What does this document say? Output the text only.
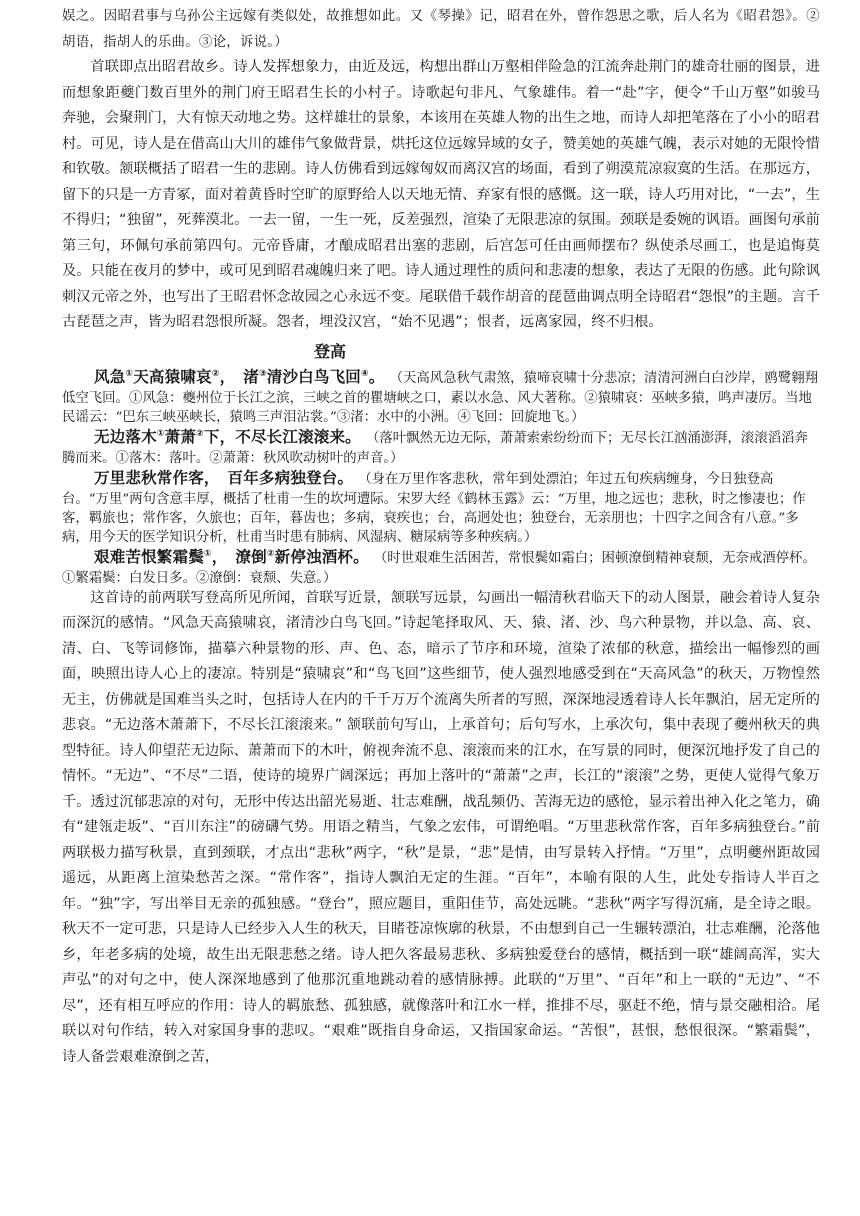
娱之。因昭君事与乌孙公主远嫁有类似处，故推想如此。又《琴操》记，昭君在外，曾作怨思之歌，后人名为《昭君怨》。②胡语，指胡人的乐曲。③论，诉说。）

首联即点出昭君故乡。诗人发挥想象力，由近及远，构想出群山万壑相伴险急的江流奔赴荆门的雄奇壮丽的图景，进而想象距夔门数百里外的荆门府王昭君生长的小村子。诗歌起句非凡、气象雄伟。着一“赴”字，便令“千山万壑”如骏马奔驰，会聚荆门，大有惊天动地之势。这样雄壮的景象，本该用在英雄人物的出生之地，而诗人却把笔落在了小小的昭君村。可见，诗人是在借高山大川的雄伟气象做背景，烘托这位远嫁异域的女子，赞美她的英雄气魄，表示对她的无限怜惜和钦敬。颔联概括了昭君一生的悲剧。诗人仿佛看到远嫁匈奴而离汉宫的场面，看到了朔漠荒凉寂寞的生活。在那远方，留下的只是一方青冢，面对着黄昏时空旷的原野给人以天地无情、弃家有恨的感慨。这一联，诗人巧用对比，“一去”，生不得归；“独留”，死葬漠北。一去一留，一生一死，反差强烈，渲染了无限悲凉的氛围。颈联是委婉的讽语。画图句承前第三句，环佩句承前第四句。元帝昏庸，才酿成昭君出塞的悲剧，后宫怎可任由画师摆布？纵使杀尽画工，也是追悔莫及。只能在夜月的梦中，或可见到昭君魂魄归来了吧。诗人通过理性的质问和悲凄的想象，表达了无限的伤感。此句除讽刺汉元帝之外，也写出了王昭君怀念故园之心永远不变。尾联借千载作胡音的琵琶曲调点明全诗昭君“怨恨”的主题。言千古琵琶之声，皆为昭君怨恨所凝。怨者，埋没汉宫，“始不见遇”；恨者，远离家园，终不归根。

登高

风急①天高猿啸哀②，　渚③清沙白鸟飞回④。 （天高风急秋气肃煞，猿啼哀啸十分悲凉；清清河洲白白沙岸，鸥鹭翱翔低空飞回。①风急：夔州位于长江之滨，三峡之首的瞿塘峡之口，素以水急、风大著称。②猿啸哀：巫峡多猿，鸣声凄厉。当地民谣云：“巴东三峡巫峡长，猿鸣三声泪沾裳。”③渚：水中的小洲。④飞回：回旋地飞。）

无边落木①萧萧②下，不尽长江滚滚来。 （落叶飘然无边无际，萧萧索索纷纷而下；无尽长江汹涌澎湃，滚滚滔滔奔腾而来。①落木：落叶。②萧萧：秋风吹动树叶的声音。）

万里悲秋常作客，　百年多病独登台。 （身在万里作客悲秋，常年到处漂泊；年过五旬疾病缠身，今日独登高台。“万里”两句含意丰厚，概括了杜甫一生的坎坷遭际。宋罗大经《鹤林玉露》云：“万里，地之远也；悲秋，时之惨凄也；作客，羁旅也；常作客，久旅也；百年，暮齿也；多病，衰疾也；台，高迥处也；独登台，无亲朋也；十四字之间含有八意。”多病，用今天的医学知识分析，杜甫当时患有肺病、风湿病、糖尿病等多种疾病。）

艰难苦恨繁霜鬓①，　潦倒②新停浊酒杯。 （时世艰难生活困苦，常恨鬓如霜白；困顿潦倒精神衰颓，无奈戒酒停杯。①繁霜鬓：白发日多。②潦倒：衰颓、失意。）

这首诗的前两联写登高所见所闻，首联写近景，颔联写远景，勾画出一幅清秋君临天下的动人图景，融会着诗人复杂而深沉的感情。“风急天高猿啸哀，渚清沙白鸟飞回。”诗起笔择取风、天、猿、渚、沙、鸟六种景物，并以急、高、哀、清、白、飞等词修饰，描摹六种景物的形、声、色、态，暗示了节序和环境，渲染了浓郁的秋意，描绘出一幅惨烈的画面，映照出诗人心上的凄凉。特别是“猿啸哀”和“鸟飞回”这些细节，使人强烈地感受到在“天高风急”的秋天，万物惶然无主，仿佛就是国难当头之时，包括诗人在内的千千万万个流离失所者的写照，深深地浸透着诗人长年飘泊，居无定所的悲哀。“无边落木萧萧下，不尽长江滚滚来。” 颔联前句写山，上承首句；后句写水，上承次句，集中表现了夔州秋天的典型特征。诗人仰望茫无边际、萧萧而下的木叶，俯视奔流不息、滚滚而来的江水，在写景的同时，便深沉地抒发了自己的情怀。“无边”、“不尽”二语，使诗的境界广阔深远；再加上落叶的“萧萧”之声，长江的“滚滚”之势，更使人觉得气象万千。透过沉郁悲凉的对句，无形中传达出韶光易逝、壮志难酬，战乱频仍、苦海无边的感怆，显示着出神入化之笔力，确有“建瓴走坂”、“百川东注”的磅礴气势。用语之精当，气象之宏伟，可谓绝唱。“万里悲秋常作客，百年多病独登台。”前两联极力描写秋景，直到颈联，才点出“悲秋”两字，“秋”是景，“悲”是情，由写景转入抒情。“万里”，点明夔州距故园遥远，从距离上渲染愁苦之深。“常作客”，指诗人飘泊无定的生涯。“百年”，本喻有限的人生，此处专指诗人半百之年。“独”字，写出举目无亲的孤独感。“登台”，照应题目，重阳佳节，高处远眺。“悲秋”两字写得沉痛，是全诗之眼。秋天不一定可悲，只是诗人已经步入人生的秋天，目睹苍凉恢廓的秋景，不由想到自己一生辗转漂泊，壮志难酬，沦落他乡，年老多病的处境，故生出无限悲愁之绪。诗人把久客最易悲秋、多病独爱登台的感情，概括到一联“雄阔高浑，实大声弘”的对句之中，使人深深地感到了他那沉重地跳动着的感情脉搏。此联的“万里”、“百年”和上一联的“无边”、“不尽”，还有相互呼应的作用：诗人的羁旅愁、孤独感，就像落叶和江水一样，推排不尽，驱赶不绝，情与景交融相洽。尾联以对句作结，转入对家国身事的悲叹。“艰难”既指自身命运，又指国家命运。“苦恨”，甚恨，愁恨很深。“繁霜鬓”，诗人备尝艰难潦倒之苦，
